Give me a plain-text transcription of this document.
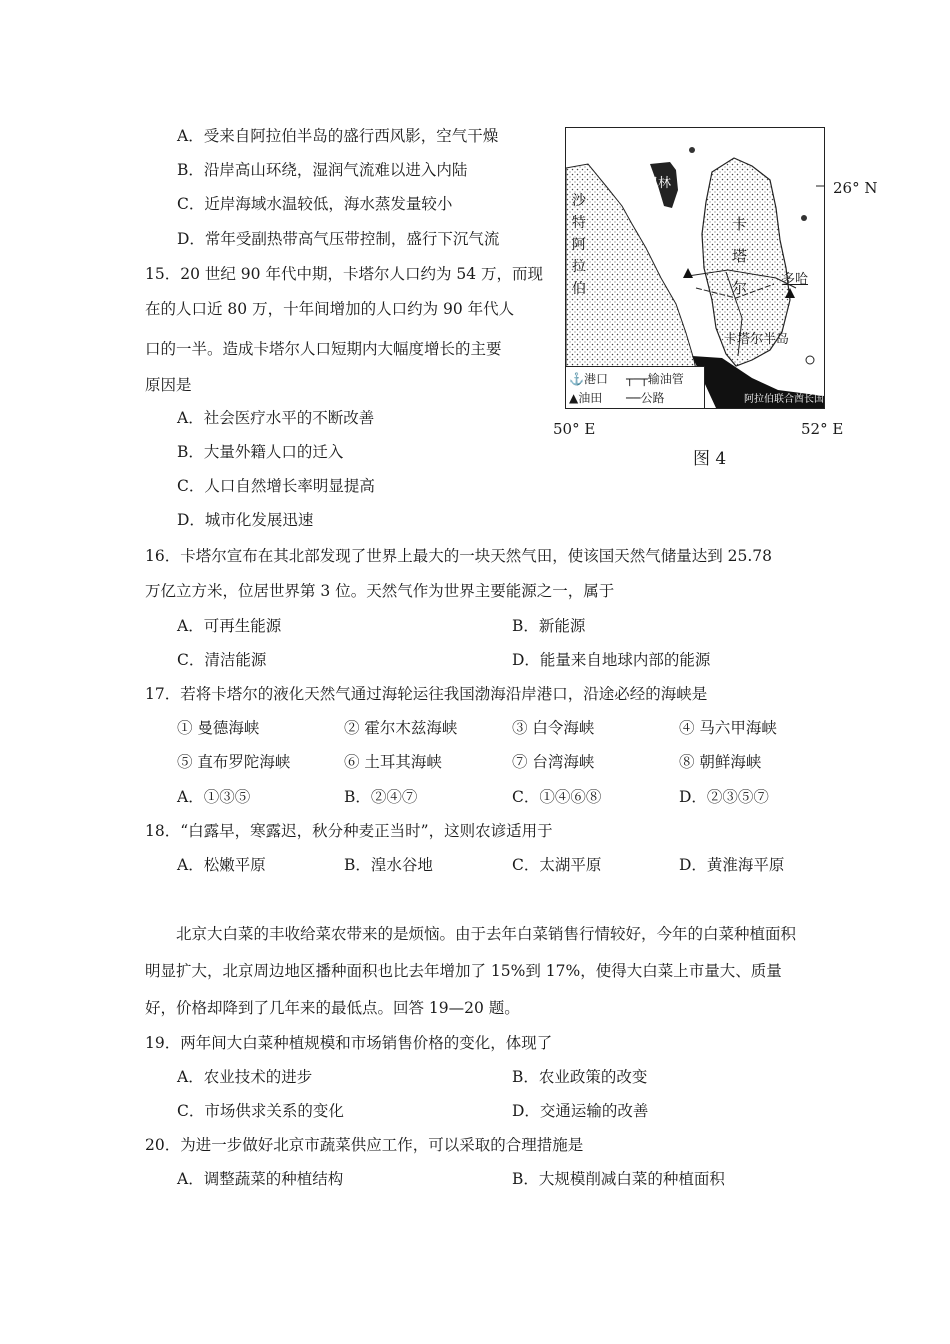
A．受来自阿拉伯半岛的盛行西风影，空气干燥
B．沿岸高山环绕，湿润气流难以进入内陆
C．近岸海域水温较低，海水蒸发量较小
D．常年受副热带高气压带控制，盛行下沉气流
15．20 世纪 90 年代中期，卡塔尔人口约为 54 万，而现
在的人口近 80 万，十年间增加的人口约为 90 年代人
口的一半。造成卡塔尔人口短期内大幅度增长的主要
原因是
A．社会医疗水平的不断改善
B．大量外籍人口的迁入
C．人口自然增长率明显提高
D．城市化发展迅速
巴林
沙特阿拉伯
卡塔尔	多哈
卡塔尔半岛
阿拉伯联合酋长国
⚓港口 ┬─┬输油管
▲油田 ──公路
26° N
50° E	52° E
图 4
16．卡塔尔宣布在其北部发现了世界上最大的一块天然气田，使该国天然气储量达到 25.78
万亿立方米，位居世界第 3 位。天然气作为世界主要能源之一，属于
A．可再生能源	B．新能源
C．清洁能源	D．能量来自地球内部的能源
17．若将卡塔尔的液化天然气通过海轮运往我国渤海沿岸港口，沿途必经的海峡是
① 曼德海峡	② 霍尔木兹海峡	③ 白令海峡	④ 马六甲海峡
⑤ 直布罗陀海峡	⑥ 土耳其海峡	⑦ 台湾海峡	⑧ 朝鲜海峡
A．①③⑤	B．②④⑦	C．①④⑥⑧	D．②③⑤⑦
18．“白露早，寒露迟，秋分种麦正当时”，这则农谚适用于
A．松嫩平原	B．湟水谷地	C．太湖平原	D．黄淮海平原
北京大白菜的丰收给菜农带来的是烦恼。由于去年白菜销售行情较好，今年的白菜种植面积明显扩大，北京周边地区播种面积也比去年增加了 15%到 17%，使得大白菜上市量大、质量好，价格却降到了几年来的最低点。回答 19—20 题。
19．两年间大白菜种植规模和市场销售价格的变化，体现了
A．农业技术的进步	B．农业政策的改变
C．市场供求关系的变化	D．交通运输的改善
20．为进一步做好北京市蔬菜供应工作，可以采取的合理措施是
A．调整蔬菜的种植结构	B．大规模削减白菜的种植面积
